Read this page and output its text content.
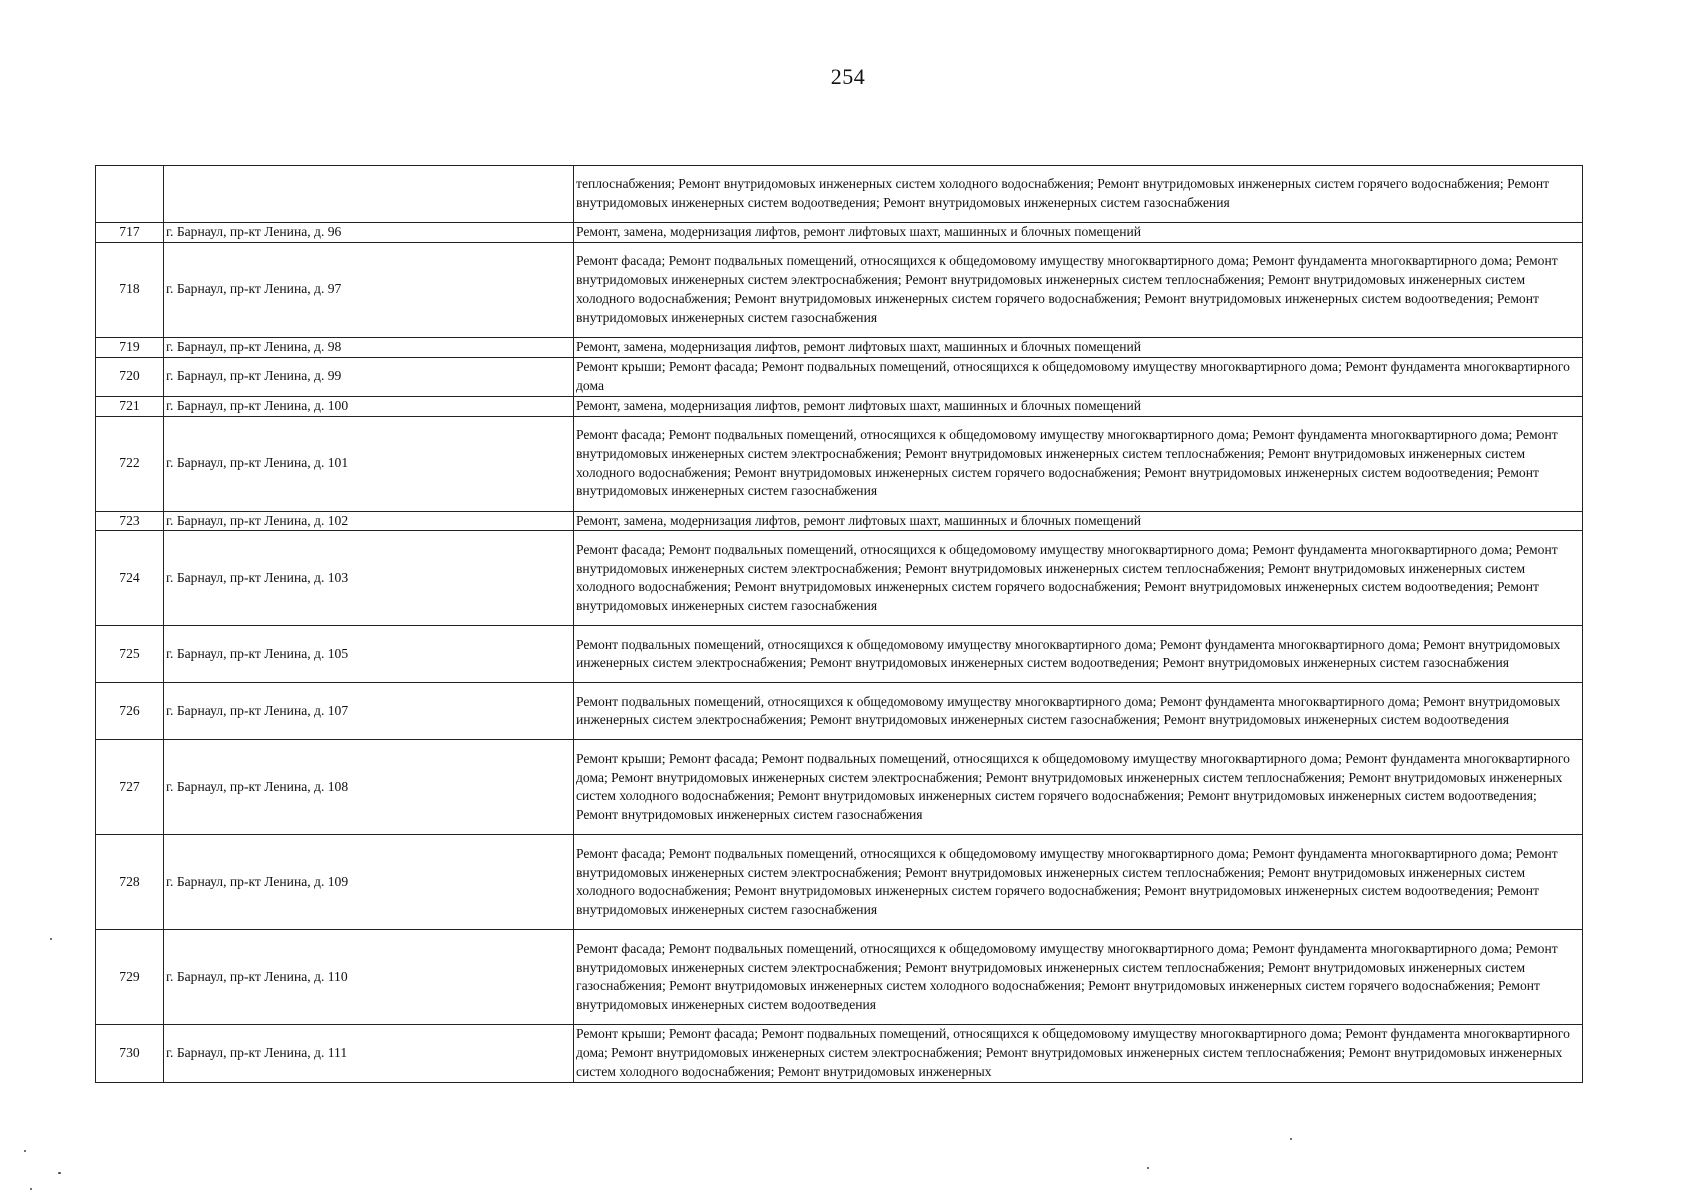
254

		теплоснабжения; Ремонт внутридомовых инженерных систем холодного водоснабжения; Ремонт внутридомовых инженерных систем горячего водоснабжения; Ремонт внутридомовых инженерных систем водоотведения; Ремонт внутридомовых инженерных систем газоснабжения

717	г. Барнаул, пр-кт Ленина, д. 96	Ремонт, замена, модернизация лифтов, ремонт лифтовых шахт, машинных и блочных помещений

718	г. Барнаул, пр-кт Ленина, д. 97	Ремонт фасада; Ремонт подвальных помещений, относящихся к общедомовому имуществу многоквартирного дома; Ремонт фундамента многоквартирного дома; Ремонт внутридомовых инженерных систем электроснабжения; Ремонт внутридомовых инженерных систем теплоснабжения; Ремонт внутридомовых инженерных систем холодного водоснабжения; Ремонт внутридомовых инженерных систем горячего водоснабжения; Ремонт внутридомовых инженерных систем водоотведения; Ремонт внутридомовых инженерных систем газоснабжения

719	г. Барнаул, пр-кт Ленина, д. 98	Ремонт, замена, модернизация лифтов, ремонт лифтовых шахт, машинных и блочных помещений

720	г. Барнаул, пр-кт Ленина, д. 99	Ремонт крыши; Ремонт фасада; Ремонт подвальных помещений, относящихся к общедомовому имуществу многоквартирного дома; Ремонт фундамента многоквартирного дома

721	г. Барнаул, пр-кт Ленина, д. 100	Ремонт, замена, модернизация лифтов, ремонт лифтовых шахт, машинных и блочных помещений

722	г. Барнаул, пр-кт Ленина, д. 101	Ремонт фасада; Ремонт подвальных помещений, относящихся к общедомовому имуществу многоквартирного дома; Ремонт фундамента многоквартирного дома; Ремонт внутридомовых инженерных систем электроснабжения; Ремонт внутридомовых инженерных систем теплоснабжения; Ремонт внутридомовых инженерных систем холодного водоснабжения; Ремонт внутридомовых инженерных систем горячего водоснабжения; Ремонт внутридомовых инженерных систем водоотведения; Ремонт внутридомовых инженерных систем газоснабжения

723	г. Барнаул, пр-кт Ленина, д. 102	Ремонт, замена, модернизация лифтов, ремонт лифтовых шахт, машинных и блочных помещений

724	г. Барнаул, пр-кт Ленина, д. 103	Ремонт фасада; Ремонт подвальных помещений, относящихся к общедомовому имуществу многоквартирного дома; Ремонт фундамента многоквартирного дома; Ремонт внутридомовых инженерных систем электроснабжения; Ремонт внутридомовых инженерных систем теплоснабжения; Ремонт внутридомовых инженерных систем холодного водоснабжения; Ремонт внутридомовых инженерных систем горячего водоснабжения; Ремонт внутридомовых инженерных систем водоотведения; Ремонт внутридомовых инженерных систем газоснабжения

725	г. Барнаул, пр-кт Ленина, д. 105	Ремонт подвальных помещений, относящихся к общедомовому имуществу многоквартирного дома; Ремонт фундамента многоквартирного дома; Ремонт внутридомовых инженерных систем электроснабжения; Ремонт внутридомовых инженерных систем водоотведения; Ремонт внутридомовых инженерных систем газоснабжения

726	г. Барнаул, пр-кт Ленина, д. 107	Ремонт подвальных помещений, относящихся к общедомовому имуществу многоквартирного дома; Ремонт фундамента многоквартирного дома; Ремонт внутридомовых инженерных систем электроснабжения; Ремонт внутридомовых инженерных систем газоснабжения; Ремонт внутридомовых инженерных систем водоотведения

727	г. Барнаул, пр-кт Ленина, д. 108	Ремонт крыши; Ремонт фасада; Ремонт подвальных помещений, относящихся к общедомовому имуществу многоквартирного дома; Ремонт фундамента многоквартирного дома; Ремонт внутридомовых инженерных систем электроснабжения; Ремонт внутридомовых инженерных систем теплоснабжения; Ремонт внутридомовых инженерных систем холодного водоснабжения; Ремонт внутридомовых инженерных систем горячего водоснабжения; Ремонт внутридомовых инженерных систем водоотведения; Ремонт внутридомовых инженерных систем газоснабжения

728	г. Барнаул, пр-кт Ленина, д. 109	Ремонт фасада; Ремонт подвальных помещений, относящихся к общедомовому имуществу многоквартирного дома; Ремонт фундамента многоквартирного дома; Ремонт внутридомовых инженерных систем электроснабжения; Ремонт внутридомовых инженерных систем теплоснабжения; Ремонт внутридомовых инженерных систем холодного водоснабжения; Ремонт внутридомовых инженерных систем горячего водоснабжения; Ремонт внутридомовых инженерных систем водоотведения; Ремонт внутридомовых инженерных систем газоснабжения

729	г. Барнаул, пр-кт Ленина, д. 110	Ремонт фасада; Ремонт подвальных помещений, относящихся к общедомовому имуществу многоквартирного дома; Ремонт фундамента многоквартирного дома; Ремонт внутридомовых инженерных систем электроснабжения; Ремонт внутридомовых инженерных систем теплоснабжения; Ремонт внутридомовых инженерных систем газоснабжения; Ремонт внутридомовых инженерных систем холодного водоснабжения; Ремонт внутридомовых инженерных систем горячего водоснабжения; Ремонт внутридомовых инженерных систем водоотведения

730	г. Барнаул, пр-кт Ленина, д. 111	Ремонт крыши; Ремонт фасада; Ремонт подвальных помещений, относящихся к общедомовому имуществу многоквартирного дома; Ремонт фундамента многоквартирного дома; Ремонт внутридомовых инженерных систем электроснабжения; Ремонт внутридомовых инженерных систем теплоснабжения; Ремонт внутридомовых инженерных систем холодного водоснабжения; Ремонт внутридомовых инженерных
